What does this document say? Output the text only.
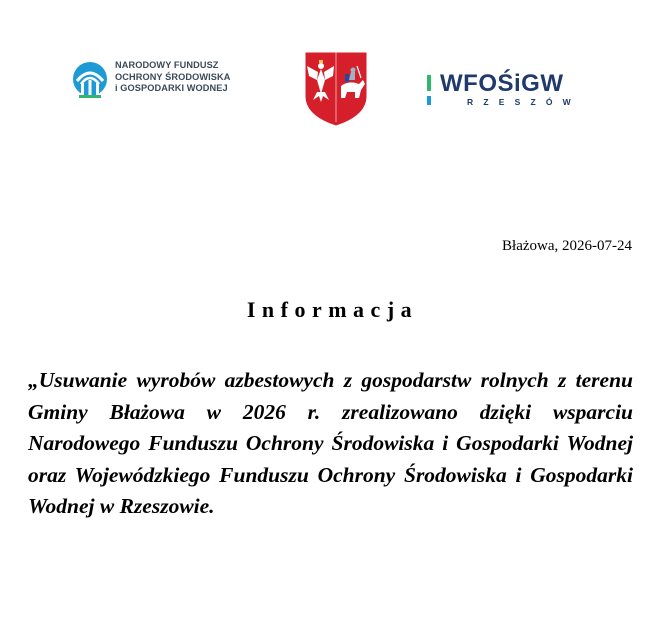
NARODOWY FUNDUSZ
OCHRONY ŚRODOWISKA
i GOSPODARKI WODNEJ	WFOŚiGW
RZESZÓW
Błażowa, 2026-07-24
Informacja
„Usuwanie wyrobów azbestowych z gospodarstw rolnych z terenu Gminy Błażowa w 2026 r. zrealizowano dzięki wsparciu Narodowego Funduszu Ochrony Środowiska i Gospodarki Wodnej oraz Wojewódzkiego Funduszu Ochrony Środowiska i Gospodarki Wodnej w Rzeszowie.
